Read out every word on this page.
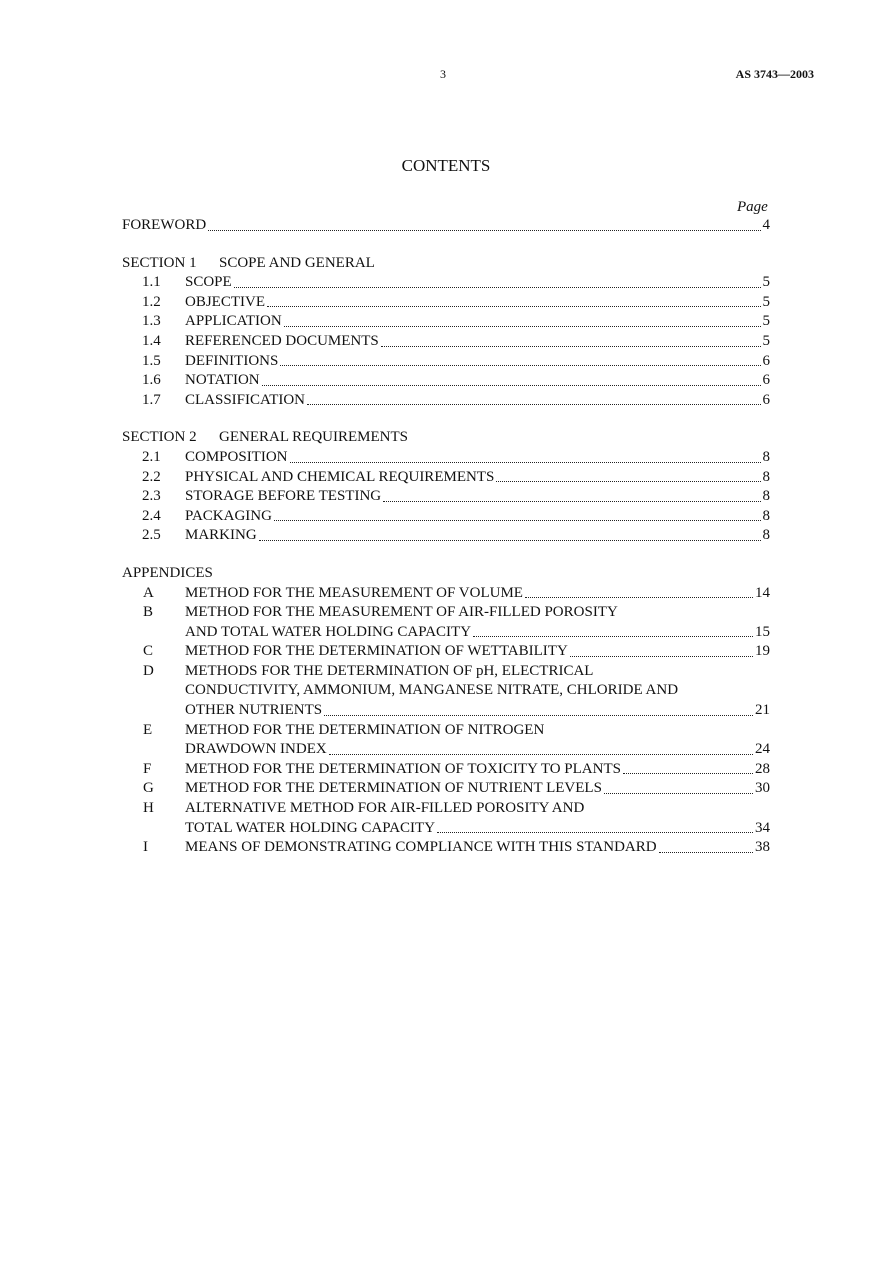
3	AS 3743—2003
CONTENTS
Page
FOREWORD	4
SECTION 1 SCOPE AND GENERAL
1.1	SCOPE	5
1.2	OBJECTIVE	5
1.3	APPLICATION	5
1.4	REFERENCED DOCUMENTS	5
1.5	DEFINITIONS	6
1.6	NOTATION	6
1.7	CLASSIFICATION	6
SECTION 2 GENERAL REQUIREMENTS
2.1	COMPOSITION	8
2.2	PHYSICAL AND CHEMICAL REQUIREMENTS	8
2.3	STORAGE BEFORE TESTING	8
2.4	PACKAGING	8
2.5	MARKING	8
APPENDICES
A	METHOD FOR THE MEASUREMENT OF VOLUME	14
B	METHOD FOR THE MEASUREMENT OF AIR-FILLED POROSITY
AND TOTAL WATER HOLDING CAPACITY	15
C	METHOD FOR THE DETERMINATION OF WETTABILITY	19
D	METHODS FOR THE DETERMINATION OF pH, ELECTRICAL
CONDUCTIVITY, AMMONIUM, MANGANESE NITRATE, CHLORIDE AND
OTHER NUTRIENTS	21
E	METHOD FOR THE DETERMINATION OF NITROGEN
DRAWDOWN INDEX	24
F	METHOD FOR THE DETERMINATION OF TOXICITY TO PLANTS	28
G	METHOD FOR THE DETERMINATION OF NUTRIENT LEVELS	30
H	ALTERNATIVE METHOD FOR AIR-FILLED POROSITY AND
TOTAL WATER HOLDING CAPACITY	34
I	MEANS OF DEMONSTRATING COMPLIANCE WITH THIS STANDARD	38
